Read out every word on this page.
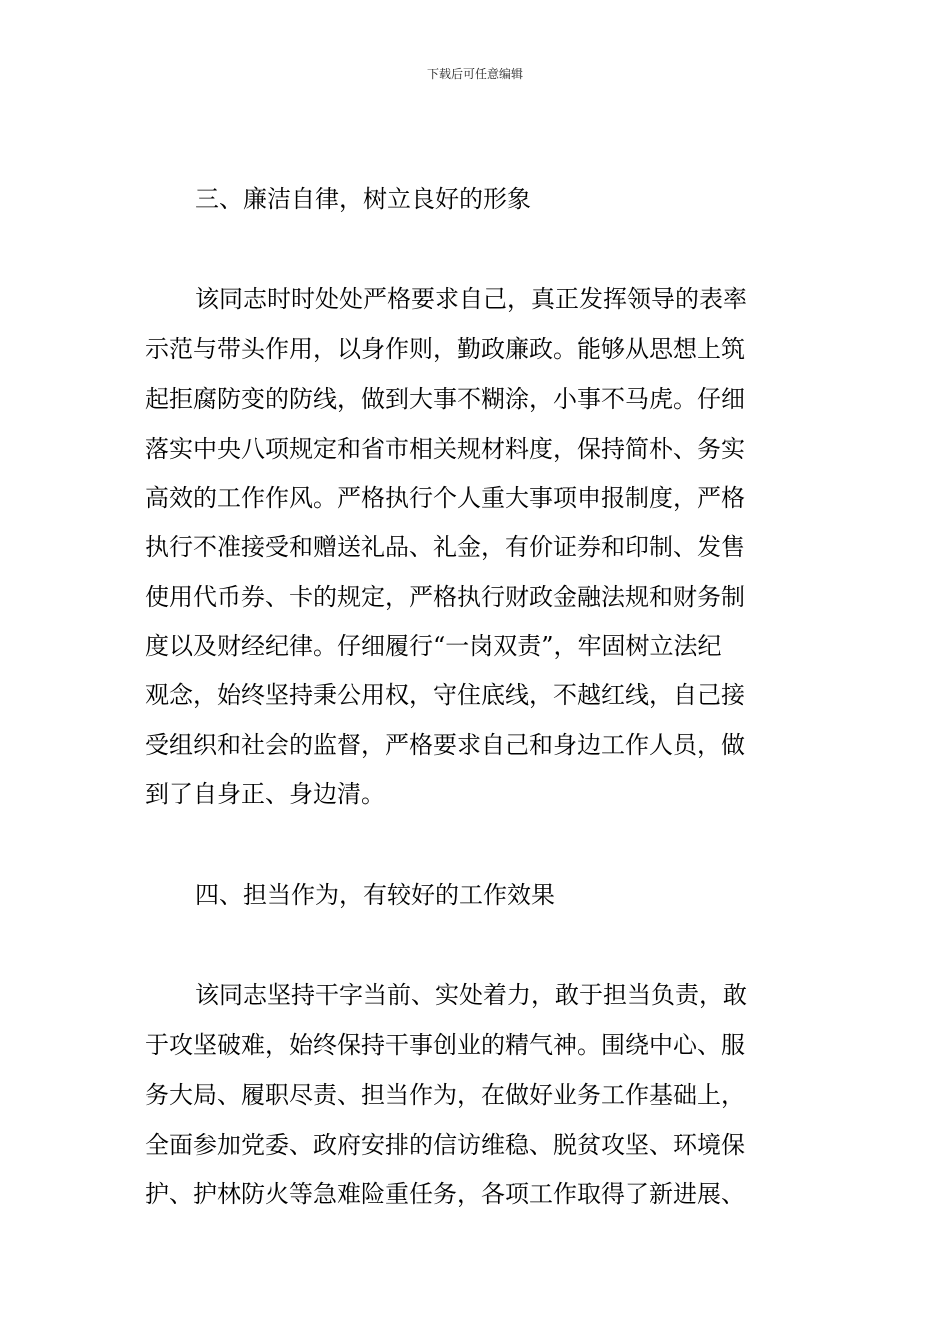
下载后可任意编辑
三、廉洁自律，树立良好的形象
该同志时时处处严格要求自己，真正发挥领导的表率
示范与带头作用，以身作则，勤政廉政。能够从思想上筑
起拒腐防变的防线，做到大事不糊涂，小事不马虎。仔细
落实中央八项规定和省市相关规材料度，保持简朴、务实
高效的工作作风。严格执行个人重大事项申报制度，严格
执行不准接受和赠送礼品、礼金，有价证券和印制、发售
使用代币券、卡的规定，严格执行财政金融法规和财务制
度以及财经纪律。仔细履行“一岗双责”，牢固树立法纪
观念，始终坚持秉公用权，守住底线，不越红线，自己接
受组织和社会的监督，严格要求自己和身边工作人员，做
到了自身正、身边清。
四、担当作为，有较好的工作效果
该同志坚持干字当前、实处着力，敢于担当负责，敢
于攻坚破难，始终保持干事创业的精气神。围绕中心、服
务大局、履职尽责、担当作为，在做好业务工作基础上，
全面参加党委、政府安排的信访维稳、脱贫攻坚、环境保
护、护林防火等急难险重任务，各项工作取得了新进展、
